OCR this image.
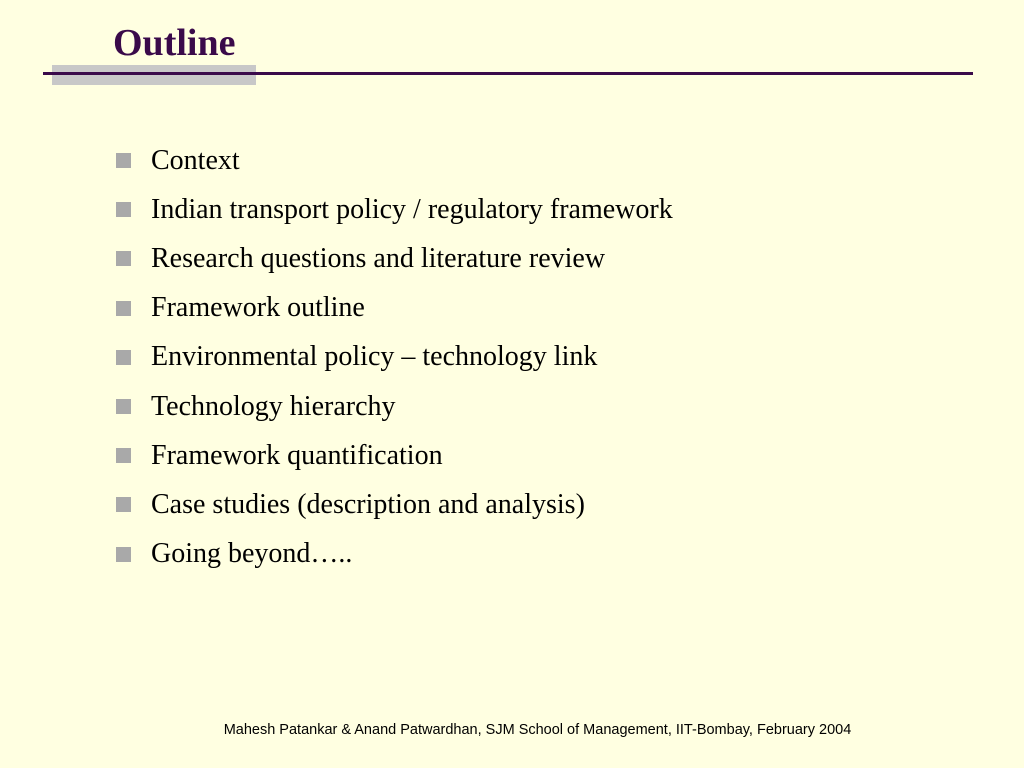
Outline
Context
Indian transport policy / regulatory framework
Research questions and literature review
Framework outline
Environmental policy – technology link
Technology hierarchy
Framework quantification
Case studies (description and analysis)
Going beyond…..
Mahesh Patankar & Anand Patwardhan, SJM School of Management, IIT-Bombay, February 2004
